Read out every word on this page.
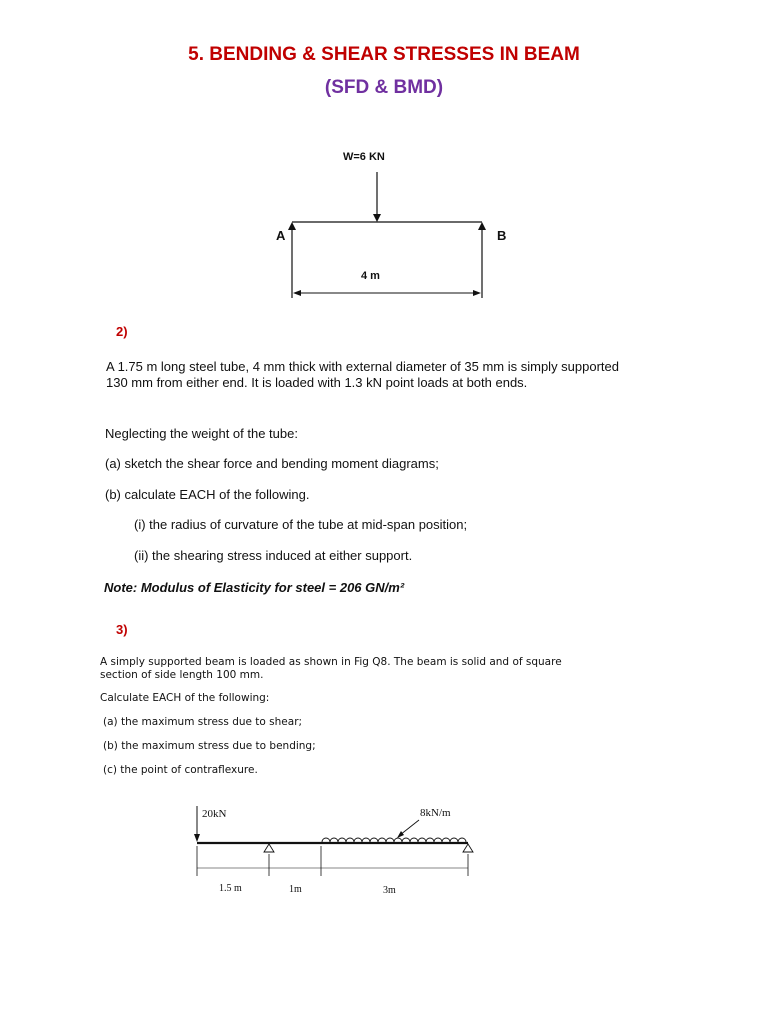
5. BENDING & SHEAR STRESSES IN BEAM
(SFD & BMD)
W=6 KN
A	B
4 m
2)
A 1.75 m long steel tube, 4 mm thick with external diameter of 35 mm is simply supported 130 mm from either end. It is loaded with 1.3 kN point loads at both ends.
Neglecting the weight of the tube:
(a) sketch the shear force and bending moment diagrams;
(b) calculate EACH of the following.
(i) the radius of curvature of the tube at mid-span position;
(ii) the shearing stress induced at either support.
Note: Modulus of Elasticity for steel = 206 GN/m²
3)
A simply supported beam is loaded as shown in Fig Q8. The beam is solid and of square section of side length 100 mm.
Calculate EACH of the following:
(a) the maximum stress due to shear;
(b) the maximum stress due to bending;
(c) the point of contraflexure.
20kN	8kN/m
1.5 m	1m	3m
